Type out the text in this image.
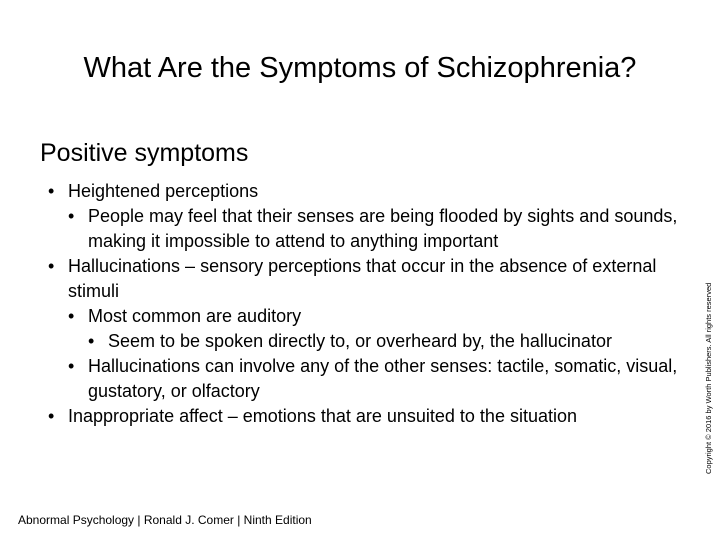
What Are the Symptoms of Schizophrenia?
Positive symptoms
• Heightened perceptions
• People may feel that their senses are being flooded by sights and sounds, making it impossible to attend to anything important
• Hallucinations – sensory perceptions that occur in the absence of external stimuli
• Most common are auditory
• Seem to be spoken directly to, or overheard by, the hallucinator
• Hallucinations can involve any of the other senses: tactile, somatic, visual, gustatory, or olfactory
• Inappropriate affect – emotions that are unsuited to the situation
Abnormal Psychology | Ronald J. Comer | Ninth Edition
Copyright © 2016 by Worth Publishers. All rights reserved
